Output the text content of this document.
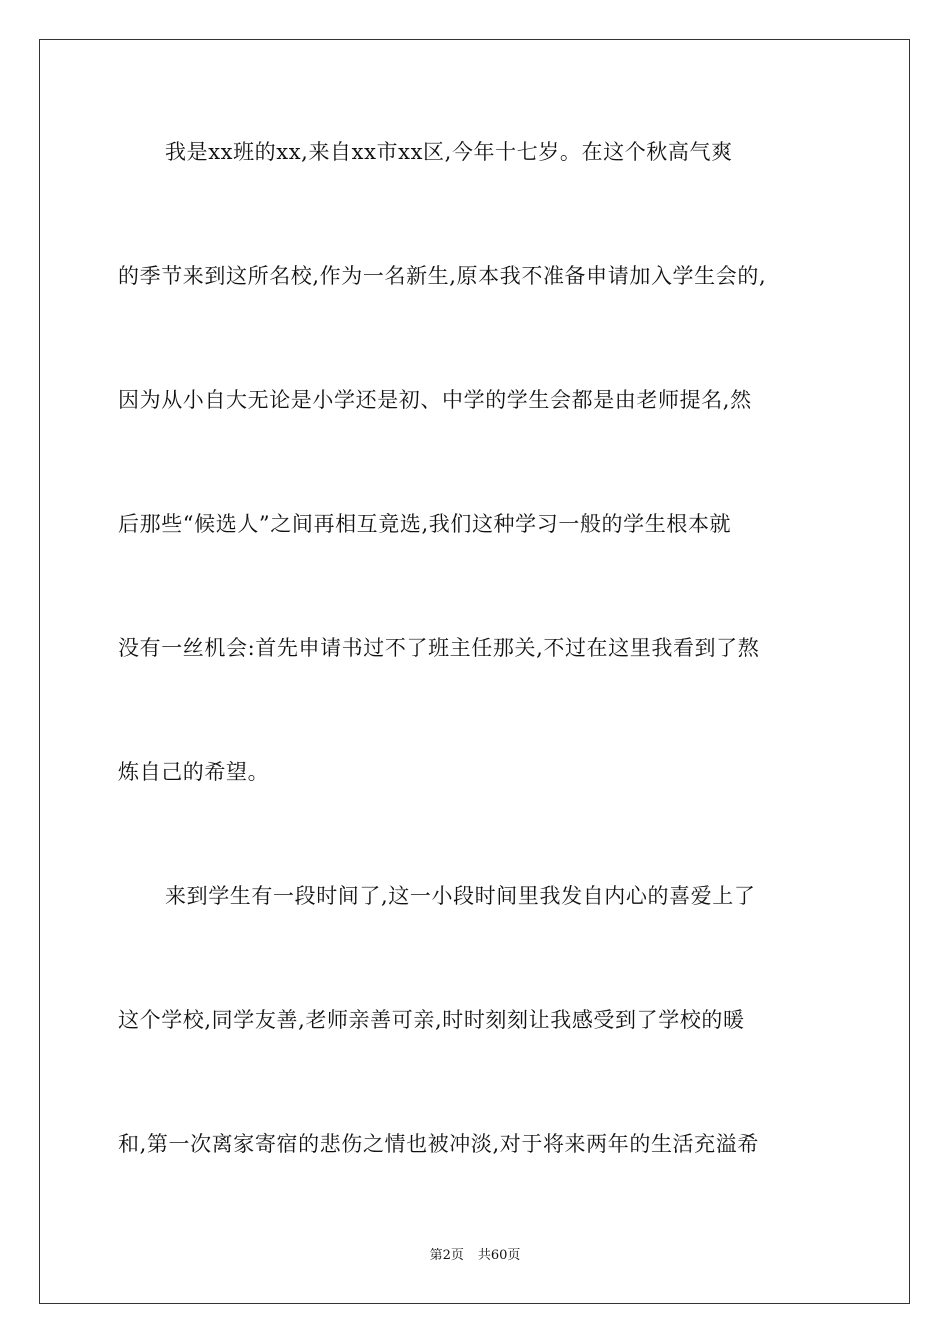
我是xx班的xx,来自xx市xx区,今年十七岁。在这个秋高气爽
的季节来到这所名校,作为一名新生,原本我不准备申请加入学生会的,
因为从小自大无论是小学还是初、中学的学生会都是由老师提名,然
后那些“候选人”之间再相互竟选,我们这种学习一般的学生根本就
没有一丝机会:首先申请书过不了班主任那关,不过在这里我看到了熬
炼自己的希望。
来到学生有一段时间了,这一小段时间里我发自内心的喜爱上了
这个学校,同学友善,老师亲善可亲,时时刻刻让我感受到了学校的暖
和,第一次离家寄宿的悲伤之情也被冲淡,对于将来两年的生活充溢希
第2页 共60页
